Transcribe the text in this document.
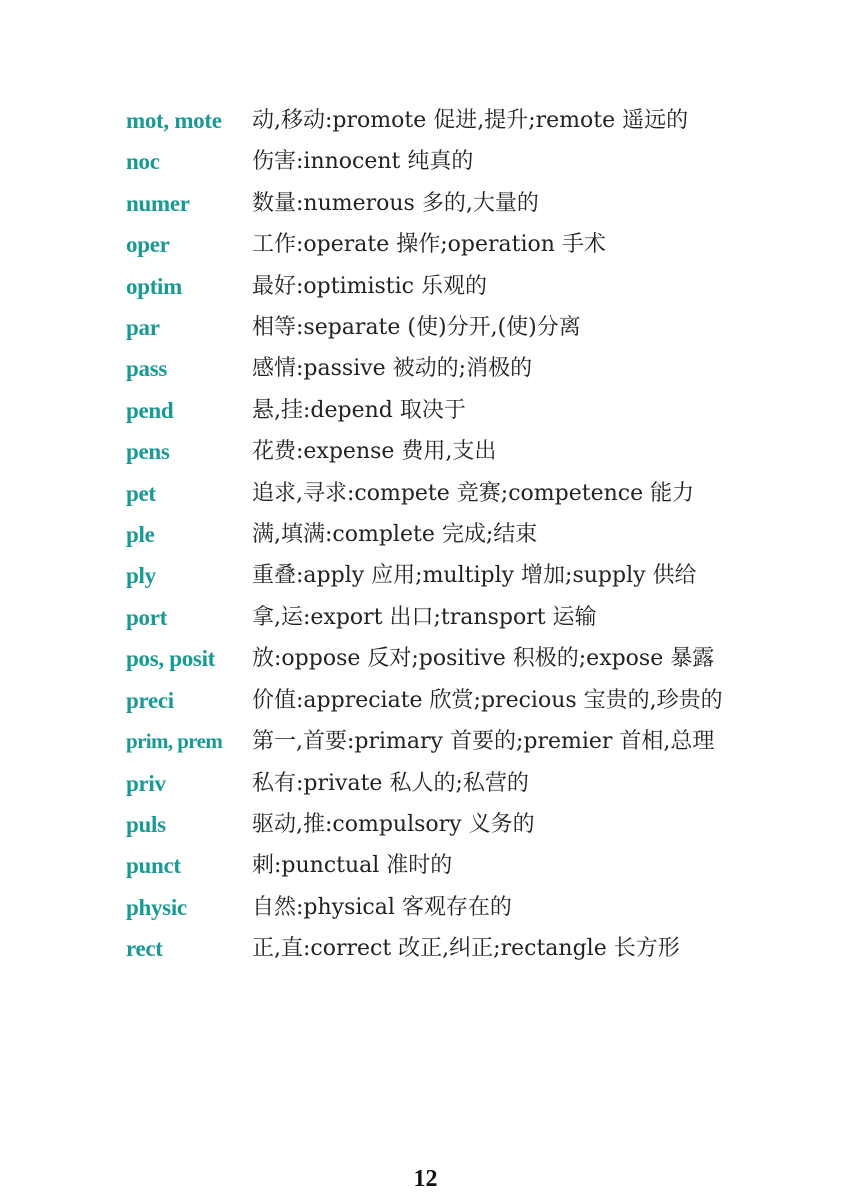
mot, mote	动,移动:promote 促进,提升;remote 遥远的
noc	伤害:innocent 纯真的
numer	数量:numerous 多的,大量的
oper	工作:operate 操作;operation 手术
optim	最好:optimistic 乐观的
par	相等:separate (使)分开,(使)分离
pass	感情:passive 被动的;消极的
pend	悬,挂:depend 取决于
pens	花费:expense 费用,支出
pet	追求,寻求:compete 竞赛;competence 能力
ple	满,填满:complete 完成;结束
ply	重叠:apply 应用;multiply 增加;supply 供给
port	拿,运:export 出口;transport 运输
pos, posit	放:oppose 反对;positive 积极的;expose 暴露
preci	价值:appreciate 欣赏;precious 宝贵的,珍贵的
prim, prem	第一,首要:primary 首要的;premier 首相,总理
priv	私有:private 私人的;私营的
puls	驱动,推:compulsory 义务的
punct	刺:punctual 准时的
physic	自然:physical 客观存在的
rect	正,直:correct 改正,纠正;rectangle 长方形
12
